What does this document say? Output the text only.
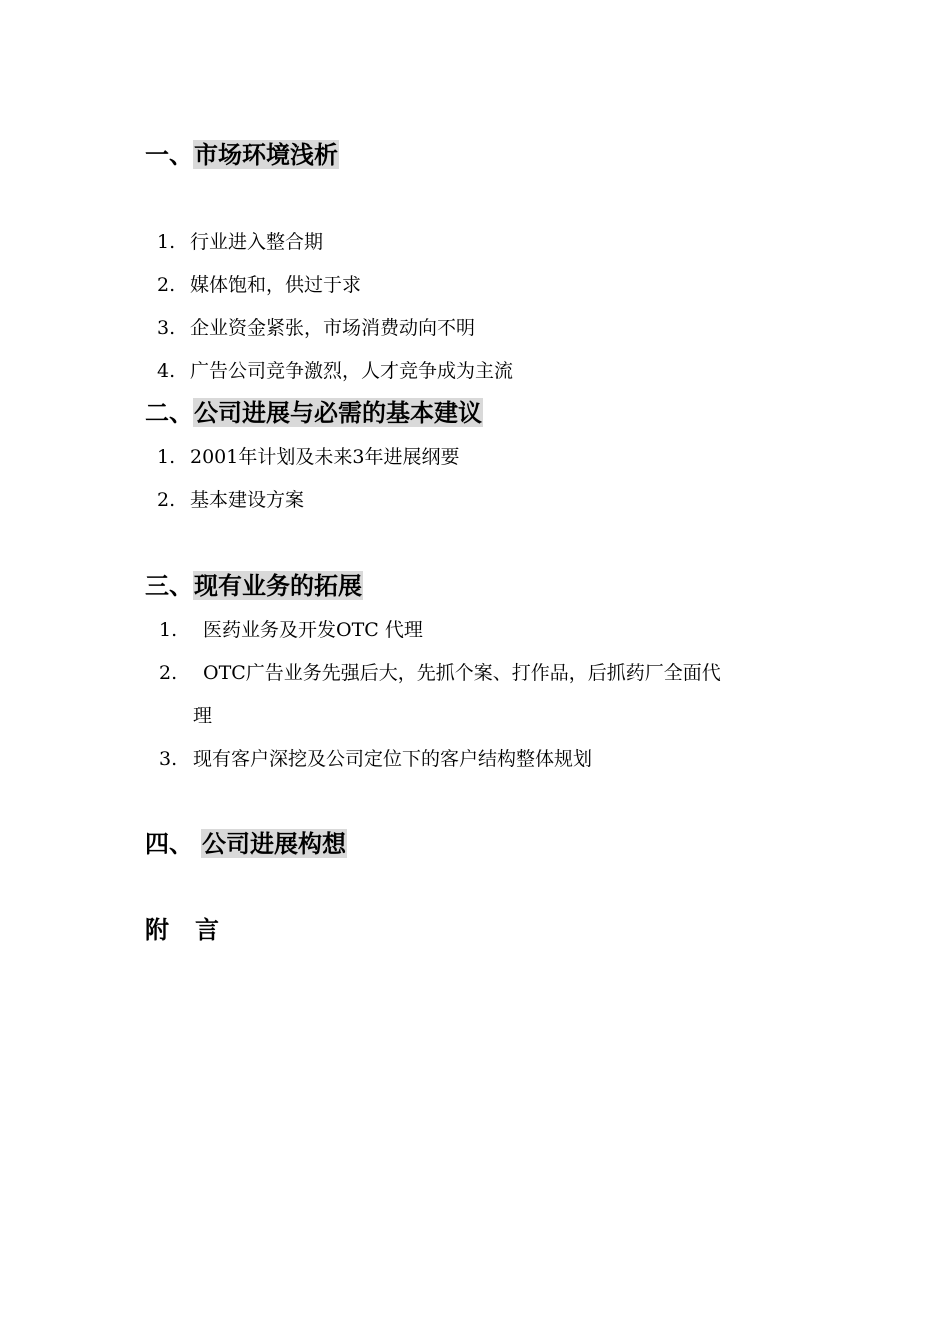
一、市场环境浅析
1. 行业进入整合期
2. 媒体饱和，供过于求
3. 企业资金紧张，市场消费动向不明
4. 广告公司竞争激烈，人才竞争成为主流
二、公司进展与必需的基本建议
1. 2001年计划及未来3年进展纲要
2. 基本建设方案
三、现有业务的拓展
1. 医药业务及开发OTC 代理
2. OTC广告业务先强后大，先抓个案、打作品，后抓药厂全面代
理
3. 现有客户深挖及公司定位下的客户结构整体规划
四、 公司进展构想
附 言
